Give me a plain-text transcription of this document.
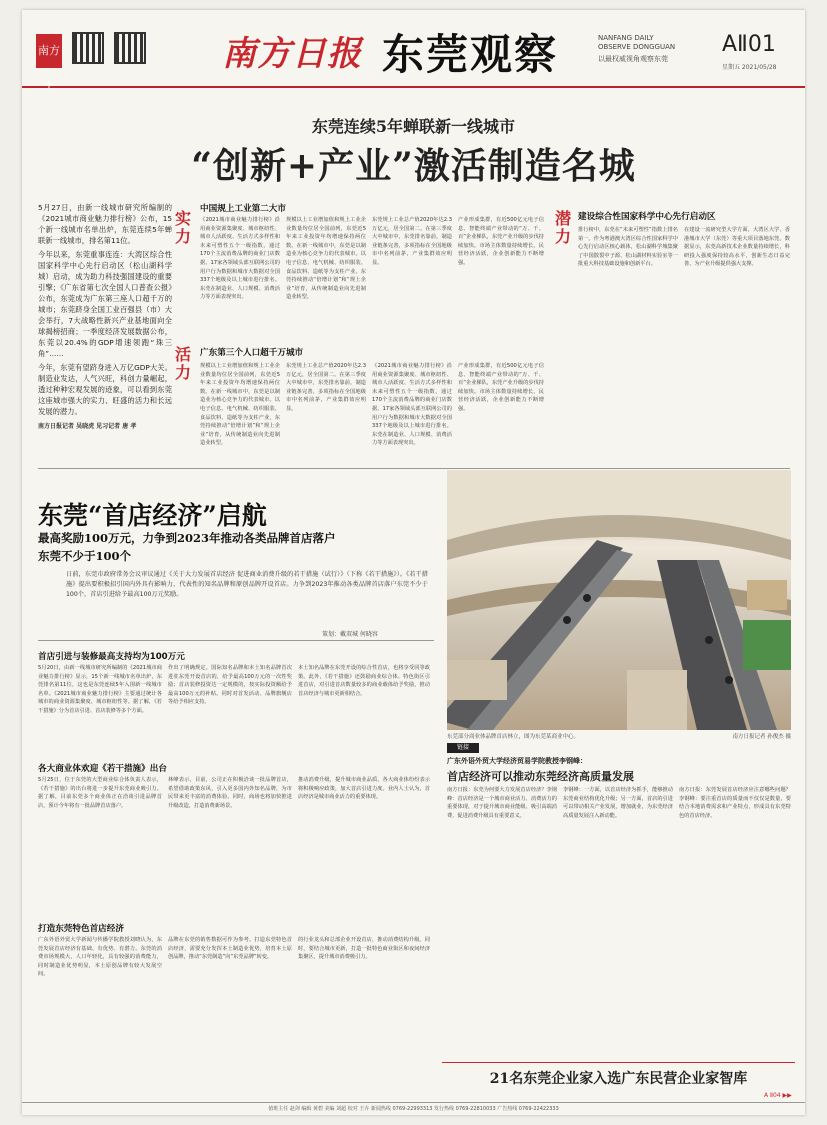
南方+
南方日报 东莞观察	NANFANG DAILY
OBSERVE DONGGUAN
以最权威视角观察东莞
AⅡ01
星期五 2021/05/28
东莞连续5年蝉联新一线城市
“创新+产业”激活制造名城

5月27日，由新一线城市研究所编制的《2021城市商业魅力排行榜》公布，15个新一线城市名单出炉，东莞连续5年蝉联新一线城市，排名第11位。

今年以来，东莞重事连连：大湾区综合性国家科学中心先行启动区（松山湖科学城）启动，成为助力科技强国建设的重要引擎；《广东省第七次全国人口普查公报》公布，东莞成为广东第三座人口超千万的城市；东莞跻身全国工业百强县（市）大会举行，7大战略性新兴产业基地面向全球揭榜招商；一季度经济发展数据公布，东莞以20.4%的GDP增速领跑“珠三角”……

今年，东莞有望跻身进入万亿GDP大关。制造业发达，人气兴旺，科创力量崛起，透过种种宏观发展的迹象，可以看到东莞这座城市强大的实力、旺盛的活力和长远发展的潜力。

南方日报记者 吴晓虎 见习记者 唐 孝

实
力
活
力
潜
力
中国规上工业第二大市
广东第三个人口超千万城市
建设综合性国家科学中心先行启动区
《2021城市商业魅力排行榜》沿用商业资源集聚度、城市枢纽性、城市人活跃度、生活方式多样性和未来可塑性五个一级指数，通过170个主流消费品牌的商业门店数据、17家各领域头部互联网公司的用户行为数据和城市大数据对全国337个地级及以上城市进行排名。东莞在制造业、人口规模、消费活力等方面表现突出。
规模以上工业增加值和规上工业企业数量均位居全国前列，东莞近5年来工业投资年均增速保持两位数。在新一线城市中，东莞是以制造业为核心竞争力的代表城市。以电子信息、电气机械、纺织服装、食品饮料、造纸等为支柱产业，东莞持续推动“倍增计划”和“规上企业”培育，从传统制造业向先进制造业转型。
东莞规上工业总产值2020年达2.3万亿元，居全国第二。在第三季度大中城市中，东莞排名靠前，制造业链条完善，多项指标在全国地级市中名列前茅，产业集群效应明显。
产业形成集群，有近500亿元电子信息、智能终端产业带动的“万、千、百”企业梯队，东莞产业升级的步伐持续加快。市场主体数量持续增长，民营经济活跃，企业创新能力不断增强。
规模以上工业增加值和规上工业企业数量均位居全国前列，东莞近5年来工业投资年均增速保持两位数。在新一线城市中，东莞是以制造业为核心竞争力的代表城市。以电子信息、电气机械、纺织服装、食品饮料、造纸等为支柱产业，东莞持续推动“倍增计划”和“规上企业”培育，从传统制造业向先进制造业转型。
东莞规上工业总产值2020年达2.3万亿元，居全国第二。在第三季度大中城市中，东莞排名靠前，制造业链条完善，多项指标在全国地级市中名列前茅，产业集群效应明显。
《2021城市商业魅力排行榜》沿用商业资源集聚度、城市枢纽性、城市人活跃度、生活方式多样性和未来可塑性五个一级指数，通过170个主流消费品牌的商业门店数据、17家各领域头部互联网公司的用户行为数据和城市大数据对全国337个地级及以上城市进行排名。东莞在制造业、人口规模、消费活力等方面表现突出。
产业形成集群，有近500亿元电子信息、智能终端产业带动的“万、千、百”企业梯队，东莞产业升级的步伐持续加快。市场主体数量持续增长，民营经济活跃，企业创新能力不断增强。
排行榜中，东莞在“未来可塑性”指数上排名第一。作为粤港澳大湾区综合性国家科学中心先行启动区核心载体，松山湖科学城集聚了中国散裂中子源、松山湖材料实验室等一批重大科技基础设施和创新平台。
在建设一流研究型大学方面，大湾区大学、香港城市大学（东莞）等重大项目落地东莞。数据显示，东莞高新技术企业数量持续增长，科研投入强度保持较高水平，创新生态日益完善，为产业升级提供强大支撑。
东莞“首店经济”启航
最高奖励100万元，力争到2023年推动各类品牌首店落户
东莞不少于100个
日前，东莞市政府常务会议审议通过《关于大力发展首店经济 促进商业消费升级的若干措施（试行）》（下称《若干措施》）。《若干措施》提出要积极招引国内外具有影响力、代表性的知名品牌和原创品牌开设首店。力争到2023年推动各类品牌首店落户东莞不少于100个，首店引进给予最高100万元奖励。
策划：戴双城 何晓容
首店引进与装修最高支持均为100万元
5月20日，由新一线城市研究所编制的《2021城市商业魅力排行榜》显示，15个新一线城市名单出炉，东莞排名第11位，这也是东莞连续5年入围新一线城市名单。《2021城市商业魅力排行榜》主要通过统计各城市的商业资源集聚度、城市枢纽性等。据了解，《若干措施》分为首店引进、首店装修等多个方面。
作出了明确规定。国际知名品牌和本土知名品牌首次进驻东莞开设首店的，给予最高100万元的一次性奖励；首店装修投资达一定规模的，按实际投资额给予最高100万元的补贴。同时对首发活动、品牌旗舰店等给予相应支持。
本土知名品牌在东莞开设的综合性首店，也将享受同等政策。此外，《若干措施》还鼓励商业综合体、特色街区引进首店，对引进首店数量较多的商业载体给予奖励，推动首店经济与城市更新相结合。
各大商业体欢迎《若干措施》出台
5月25日，位于东莞的大型商业综合体负责人表示，《若干措施》的出台将进一步提升东莞商业吸引力。据了解，目前东莞多个商业体正在洽谈引进品牌首店，预计今年将有一批品牌首店落户。
林峰表示，目前，公司正在积极洽谈一批品牌首店，希望借助政策东风，引入更多国内外知名品牌，为市民带来更丰富的消费体验。同时，商场也将加快推进升级改造，打造消费新场景。
推动消费升级，提升城市商业品质，各大商业体纷纷表示将积极响应政策，加大首店引进力度。业内人士认为，首店经济是城市商业活力的重要体现。
打造东莞特色首店经济
广东外语外贸大学新闻与传播学院教授刘晓认为，东莞发展首店经济有基础、有优势、有潜力。东莞的消费市场规模大，人口年轻化，具有较强的消费能力，同时制造业优势明显，本土原创品牌有较大发展空间。
品牌在东莞的销售数据可作为参考。打造东莞特色首店经济，需要充分发挥本土制造业优势，培育本土原创品牌，推动“东莞制造”向“东莞品牌”转变。
的行业龙头和总部企业开设首店，推动消费结构升级。同时，要结合城市更新，打造一批特色商业街区和夜间经济集聚区，提升城市消费吸引力。
东莞部分商业体品牌首店林立，图为东莞某商业中心。	南方日报记者 孙俊杰 摄
链接
广东外语外贸大学经济贸易学院教授李钢峰：
首店经济可以推动东莞经济高质量发展
南方日报：东莞为何要大力发展首店经济？李钢峰：首店经济是一个城市商业活力、消费活力的重要体现，对于提升城市商业能级、吸引高端消费、促进消费升级具有重要意义。
李钢峰：一方面，以首店经济为抓手，能够推动东莞商业结构优化升级；另一方面，首店的引进可以带动相关产业发展，增加就业，为东莞经济高质量发展注入新动能。
南方日报：东莞发展首店经济应注意哪些问题？李钢峰：要注重首店的质量而不仅仅是数量，要结合本地消费需求和产业特点，形成具有东莞特色的首店经济。
21名东莞企业家入选广东民营企业家智库
A Ⅱ04 ▶▶
值班主任 赵剑 编辑 黄碧 美编 刘超 校对 王卉 新闻热线 0769-22993313 发行热线 0769-22810033 广告热线 0769-22422333
